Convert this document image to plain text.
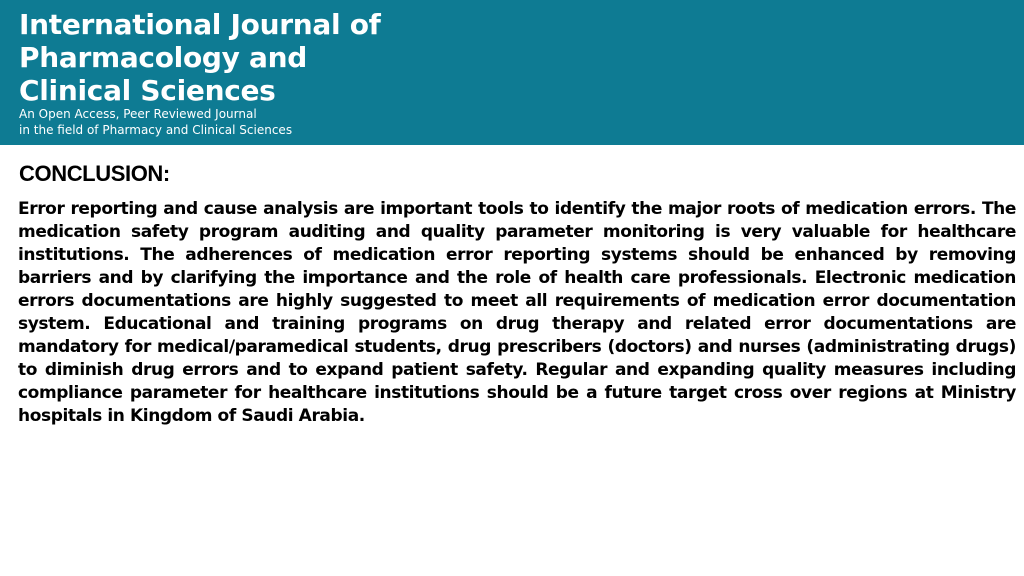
International Journal of
Pharmacology and
Clinical Sciences

An Open Access, Peer Reviewed Journal
in the field of Pharmacy and Clinical Sciences

CONCLUSION:

Error reporting and cause analysis are important tools to identify the major roots of medication errors. The medication safety program auditing and quality parameter monitoring is very valuable for healthcare institutions. The adherences of medication error reporting systems should be enhanced by removing barriers and by clarifying the importance and the role of health care professionals. Electronic medication errors documentations are highly suggested to meet all requirements of medication error documentation system. Educational and training programs on drug therapy and related error documentations are mandatory for medical/paramedical students, drug prescribers (doctors) and nurses (administrating drugs) to diminish drug errors and to expand patient safety. Regular and expanding quality measures including compliance parameter for healthcare institutions should be a future target cross over regions at Ministry hospitals in Kingdom of Saudi Arabia.
